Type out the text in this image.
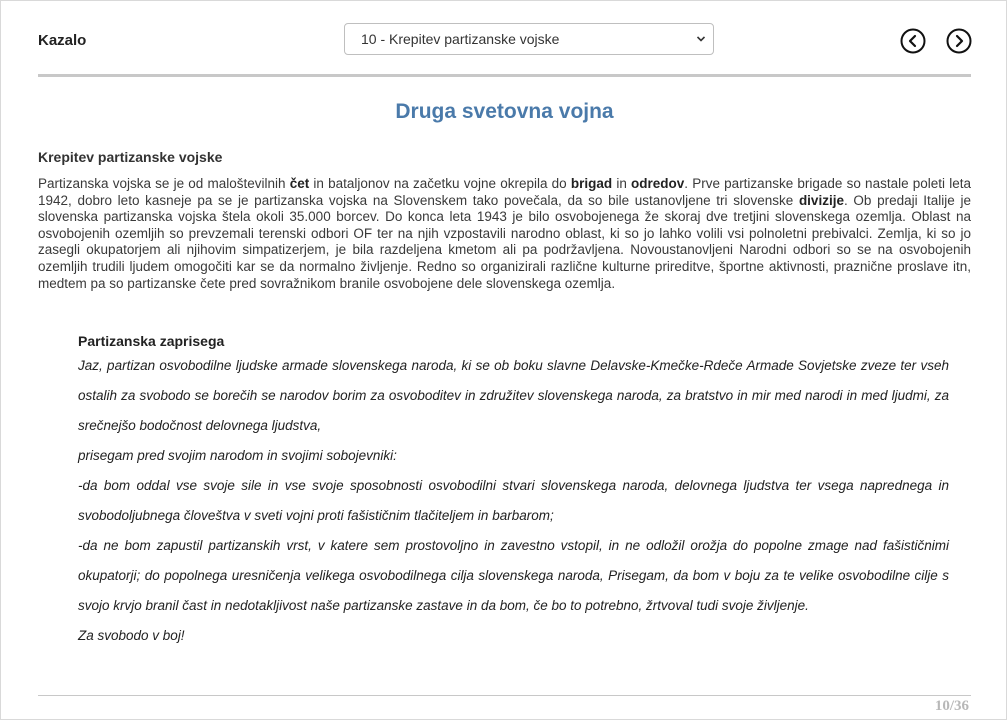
Kazalo	10 - Krepitev partizanske vojske
Druga svetovna vojna
Krepitev partizanske vojske
Partizanska vojska se je od maloštevilnih čet in bataljonov na začetku vojne okrepila do brigad in odredov. Prve partizanske brigade so nastale poleti leta 1942, dobro leto kasneje pa se je partizanska vojska na Slovenskem tako povečala, da so bile ustanovljene tri slovenske divizije. Ob predaji Italije je slovenska partizanska vojska štela okoli 35.000 borcev. Do konca leta 1943 je bilo osvobojenega že skoraj dve tretjini slovenskega ozemlja. Oblast na osvobojenih ozemljih so prevzemali terenski odbori OF ter na njih vzpostavili narodno oblast, ki so jo lahko volili vsi polnoletni prebivalci. Zemlja, ki so jo zasegli okupatorjem ali njihovim simpatizerjem, je bila razdeljena kmetom ali pa podržavljena. Novoustanovljeni Narodni odbori so se na osvobojenih ozemljih trudili ljudem omogočiti kar se da normalno življenje. Redno so organizirali različne kulturne prireditve, športne aktivnosti, praznične proslave itn, medtem pa so partizanske čete pred sovražnikom branile osvobojene dele slovenskega ozemlja.
Partizanska zaprisega

Jaz, partizan osvobodilne ljudske armade slovenskega naroda, ki se ob boku slavne Delavske-Kmečke-Rdeče Armade Sovjetske zveze ter vseh ostalih za svobodo se borečih se narodov borim za osvoboditev in združitev slovenskega naroda, za bratstvo in mir med narodi in med ljudmi, za srečnejšo bodočnost delovnega ljudstva,

prisegam pred svojim narodom in svojimi sobojevniki:

-da bom oddal vse svoje sile in vse svoje sposobnosti osvobodilni stvari slovenskega naroda, delovnega ljudstva ter vsega naprednega in svobodoljubnega človeštva v sveti vojni proti fašističnim tlačiteljem in barbarom;

-da ne bom zapustil partizanskih vrst, v katere sem prostovoljno in zavestno vstopil, in ne odložil orožja do popolne zmage nad fašističnimi okupatorji; do popolnega uresničenja velikega osvobodilnega cilja slovenskega naroda, Prisegam, da bom v boju za te velike osvobodilne cilje s svojo krvjo branil čast in nedotakljivost naše partizanske zastave in da bom, če bo to potrebno, žrtvoval tudi svoje življenje.

Za svobodo v boj!

10/36
